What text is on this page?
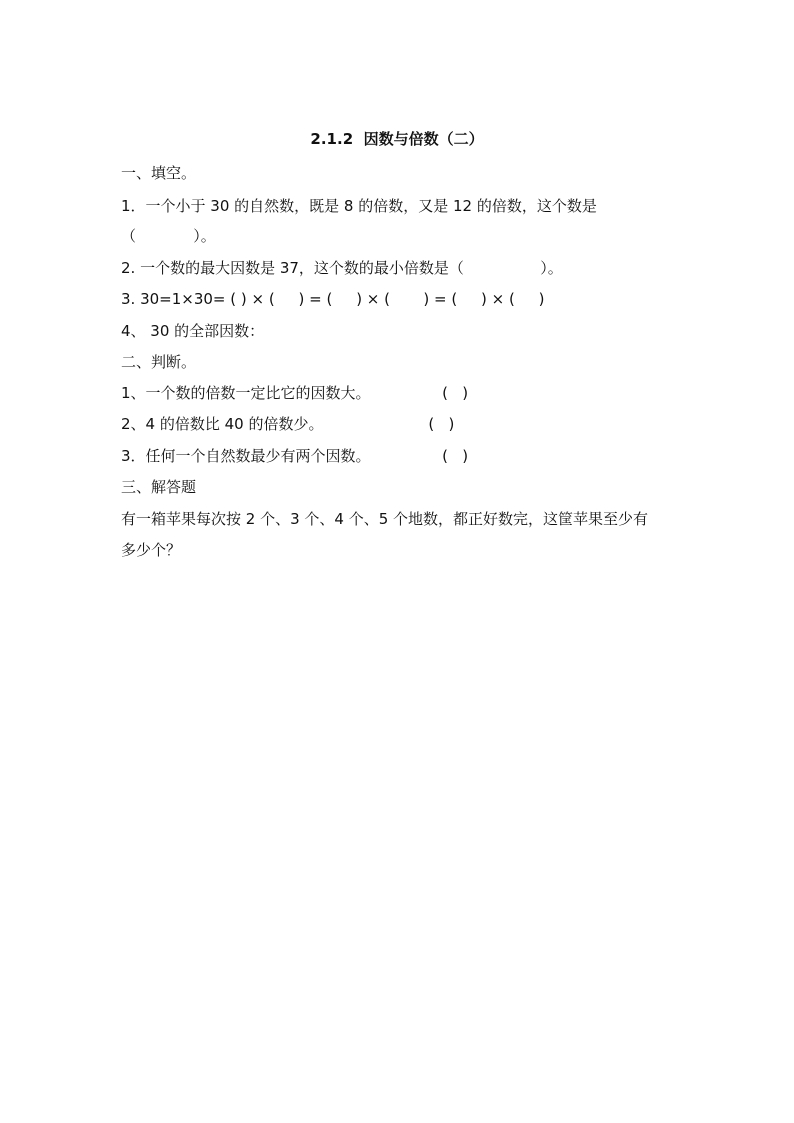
2.1.2  因数与倍数（二）
一、填空。
1．一个小于 30 的自然数，既是 8 的倍数，又是 12 的倍数，这个数是
（            ）。
2. 一个数的最大因数是 37，这个数的最小倍数是（                ）。
3. 30=1×30= ( ) × (     ) = (     ) × (       ) = (     ) × (     )
4、 30 的全部因数：
二、判断。
1、一个数的倍数一定比它的因数大。               (   )
2、4 的倍数比 40 的倍数少。                      (   )
3．任何一个自然数最少有两个因数。               (   )
三、解答题
有一箱苹果每次按 2 个、3 个、4 个、5 个地数，都正好数完，这筐苹果至少有
多少个？
